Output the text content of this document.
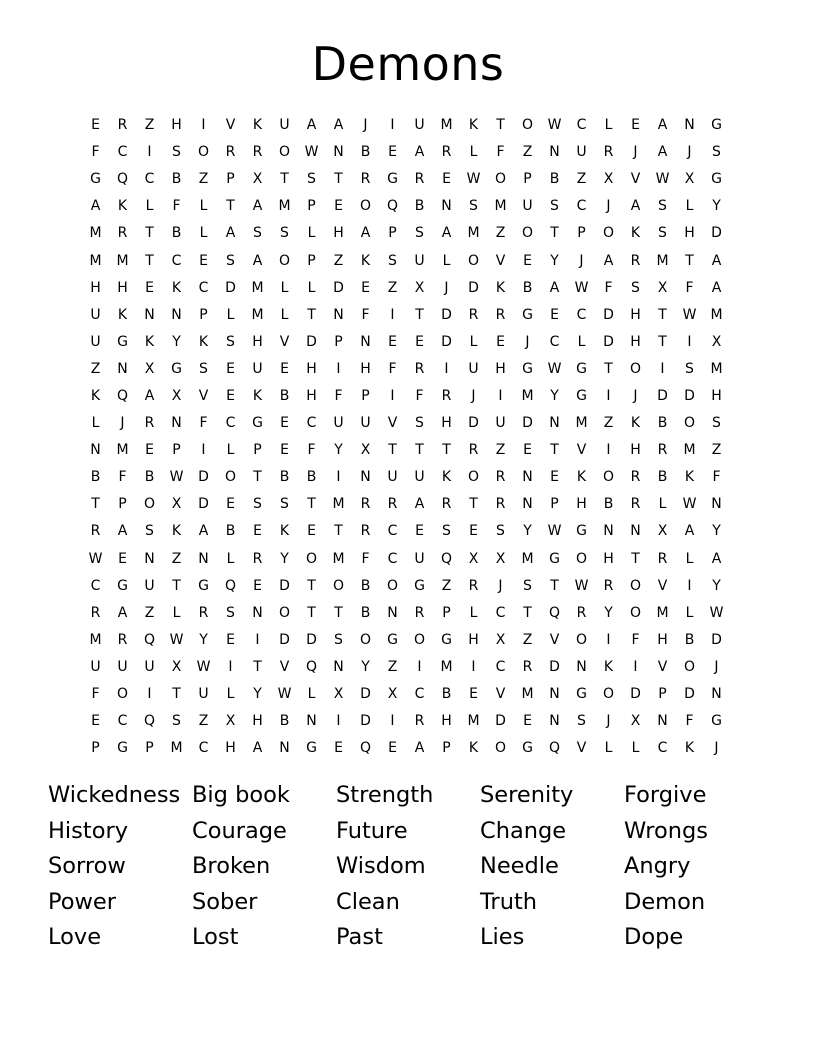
Demons
E	R	Z	H	I	V	K	U	A	A	J	I	U	M	K	T	O	W	C	L	E	A	N	G
F	C	I	S	O	R	R	O	W	N	B	E	A	R	L	F	Z	N	U	R	J	A	J	S
G	Q	C	B	Z	P	X	T	S	T	R	G	R	E	W	O	P	B	Z	X	V	W	X	G
A	K	L	F	L	T	A	M	P	E	O	Q	B	N	S	M	U	S	C	J	A	S	L	Y
M	R	T	B	L	A	S	S	L	H	A	P	S	A	M	Z	O	T	P	O	K	S	H	D
M	M	T	C	E	S	A	O	P	Z	K	S	U	L	O	V	E	Y	J	A	R	M	T	A
H	H	E	K	C	D	M	L	L	D	E	Z	X	J	D	K	B	A	W	F	S	X	F	A
U	K	N	N	P	L	M	L	T	N	F	I	T	D	R	R	G	E	C	D	H	T	W	M
U	G	K	Y	K	S	H	V	D	P	N	E	E	D	L	E	J	C	L	D	H	T	I	X
Z	N	X	G	S	E	U	E	H	I	H	F	R	I	U	H	G	W	G	T	O	I	S	M
K	Q	A	X	V	E	K	B	H	F	P	I	F	R	J	I	M	Y	G	I	J	D	D	H
L	J	R	N	F	C	G	E	C	U	U	V	S	H	D	U	D	N	M	Z	K	B	O	S
N	M	E	P	I	L	P	E	F	Y	X	T	T	T	R	Z	E	T	V	I	H	R	M	Z
B	F	B	W	D	O	T	B	B	I	N	U	U	K	O	R	N	E	K	O	R	B	K	F
T	P	O	X	D	E	S	S	T	M	R	R	A	R	T	R	N	P	H	B	R	L	W	N
R	A	S	K	A	B	E	K	E	T	R	C	E	S	E	S	Y	W	G	N	N	X	A	Y
W	E	N	Z	N	L	R	Y	O	M	F	C	U	Q	X	X	M	G	O	H	T	R	L	A
C	G	U	T	G	Q	E	D	T	O	B	O	G	Z	R	J	S	T	W	R	O	V	I	Y
R	A	Z	L	R	S	N	O	T	T	B	N	R	P	L	C	T	Q	R	Y	O	M	L	W
M	R	Q	W	Y	E	I	D	D	S	O	G	O	G	H	X	Z	V	O	I	F	H	B	D
U	U	U	X	W	I	T	V	Q	N	Y	Z	I	M	I	C	R	D	N	K	I	V	O	J
F	O	I	T	U	L	Y	W	L	X	D	X	C	B	E	V	M	N	G	O	D	P	D	N
E	C	Q	S	Z	X	H	B	N	I	D	I	R	H	M	D	E	N	S	J	X	N	F	G
P	G	P	M	C	H	A	N	G	E	Q	E	A	P	K	O	G	Q	V	L	L	C	K	J
Wickedness Big book	Strength	Serenity	Forgive
History	Courage	Future	Change	Wrongs
Sorrow	Broken	Wisdom	Needle	Angry
Power	Sober	Clean	Truth	Demon
Love	Lost	Past	Lies	Dope
